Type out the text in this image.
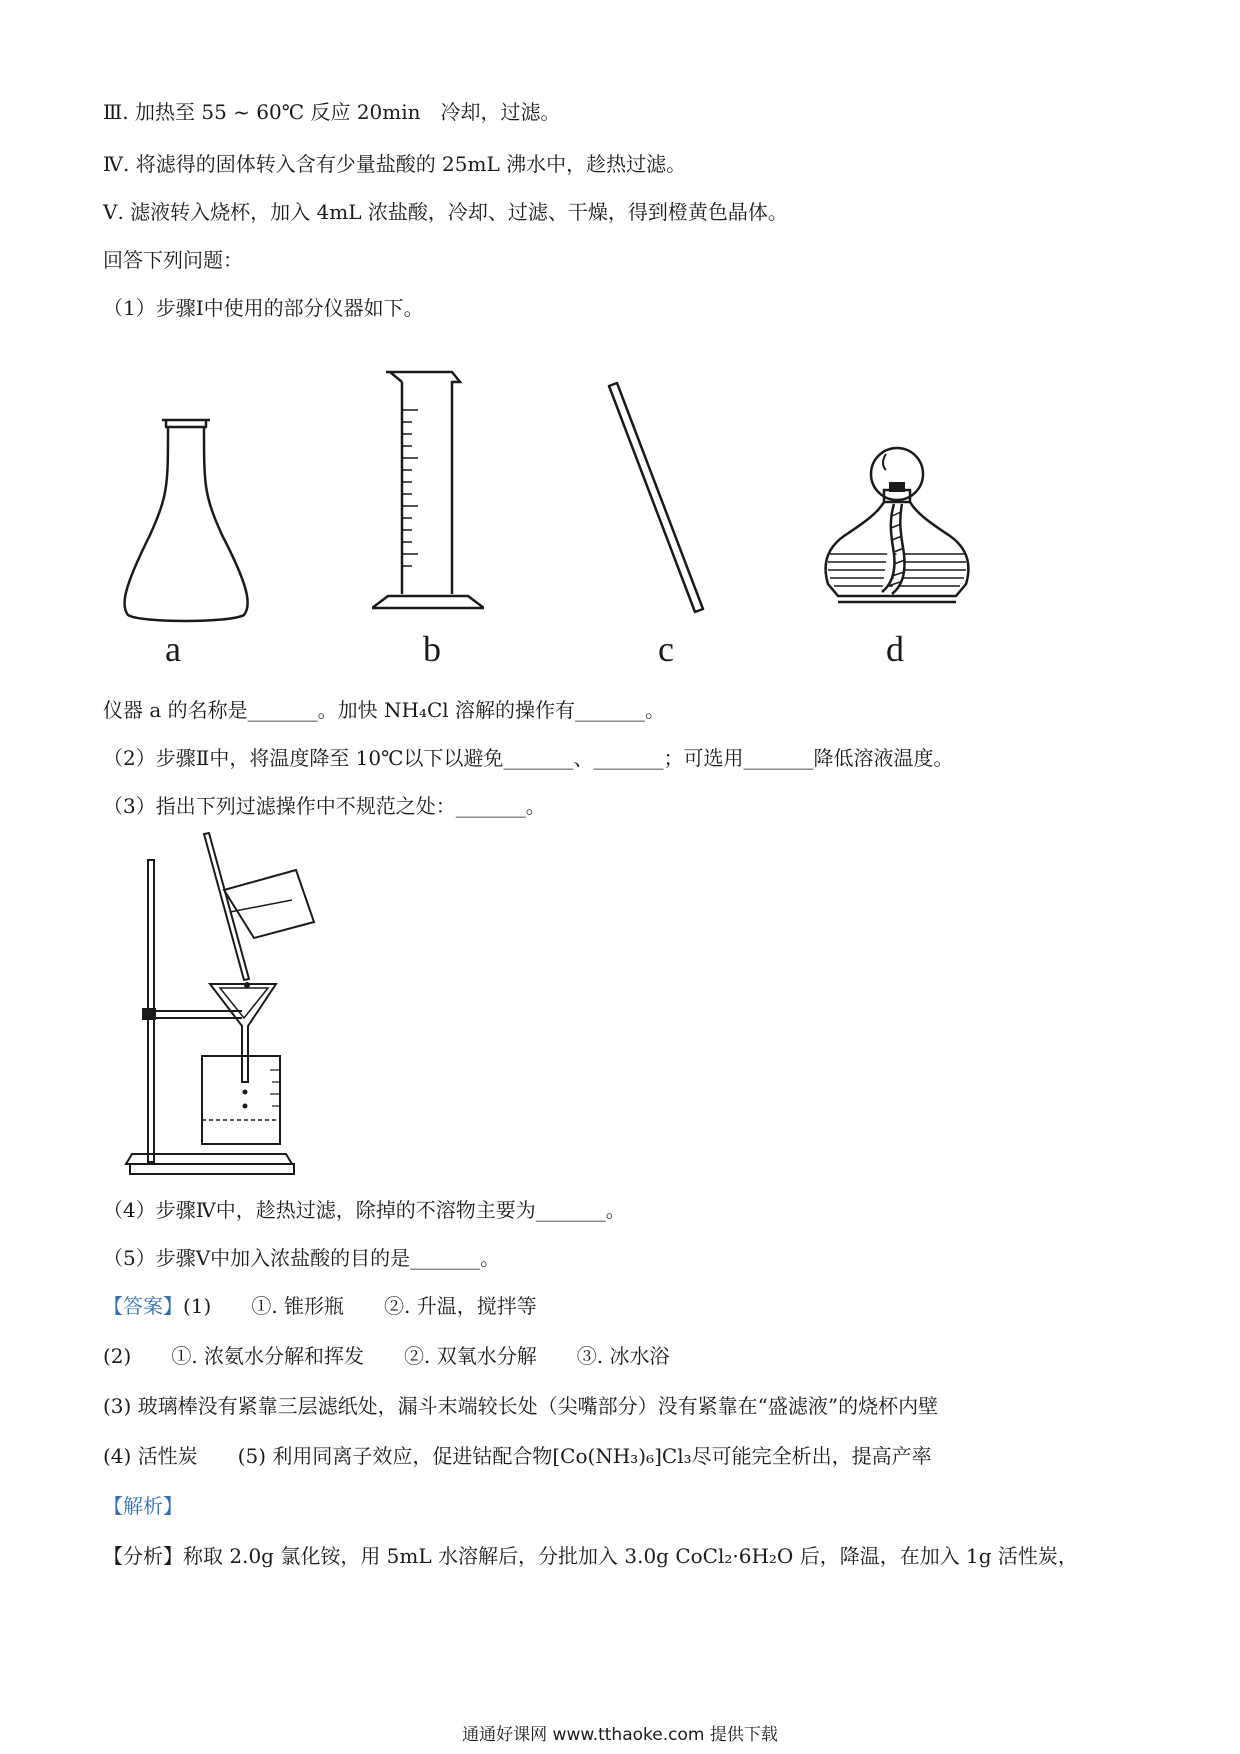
Ⅲ. 加热至 55 ~ 60℃ 反应 20min　冷却，过滤。
Ⅳ. 将滤得的固体转入含有少量盐酸的 25mL 沸水中，趁热过滤。
Ⅴ. 滤液转入烧杯，加入 4mL 浓盐酸，冷却、过滤、干燥，得到橙黄色晶体。
回答下列问题：
（1）步骤Ⅰ中使用的部分仪器如下。
a	b	c	d
仪器 a 的名称是_______。加快 NH₄Cl 溶解的操作有_______。
（2）步骤Ⅱ中，将温度降至 10℃以下以避免_______、_______；可选用_______降低溶液温度。
（3）指出下列过滤操作中不规范之处：_______。
（4）步骤Ⅳ中，趁热过滤，除掉的不溶物主要为_______。
（5）步骤Ⅴ中加入浓盐酸的目的是_______。
【答案】(1)　　①. 锥形瓶　　②. 升温，搅拌等
(2)　　①. 浓氨水分解和挥发　　②. 双氧水分解　　③. 冰水浴
(3) 玻璃棒没有紧靠三层滤纸处，漏斗末端较长处（尖嘴部分）没有紧靠在“盛滤液”的烧杯内壁
(4) 活性炭　　(5) 利用同离子效应，促进钴配合物[Co(NH₃)₆]Cl₃尽可能完全析出，提高产率
【解析】
【分析】称取 2.0g 氯化铵，用 5mL 水溶解后，分批加入 3.0g CoCl₂·6H₂O 后，降温，在加入 1g 活性炭，
通通好课网 www.tthaoke.com 提供下载
